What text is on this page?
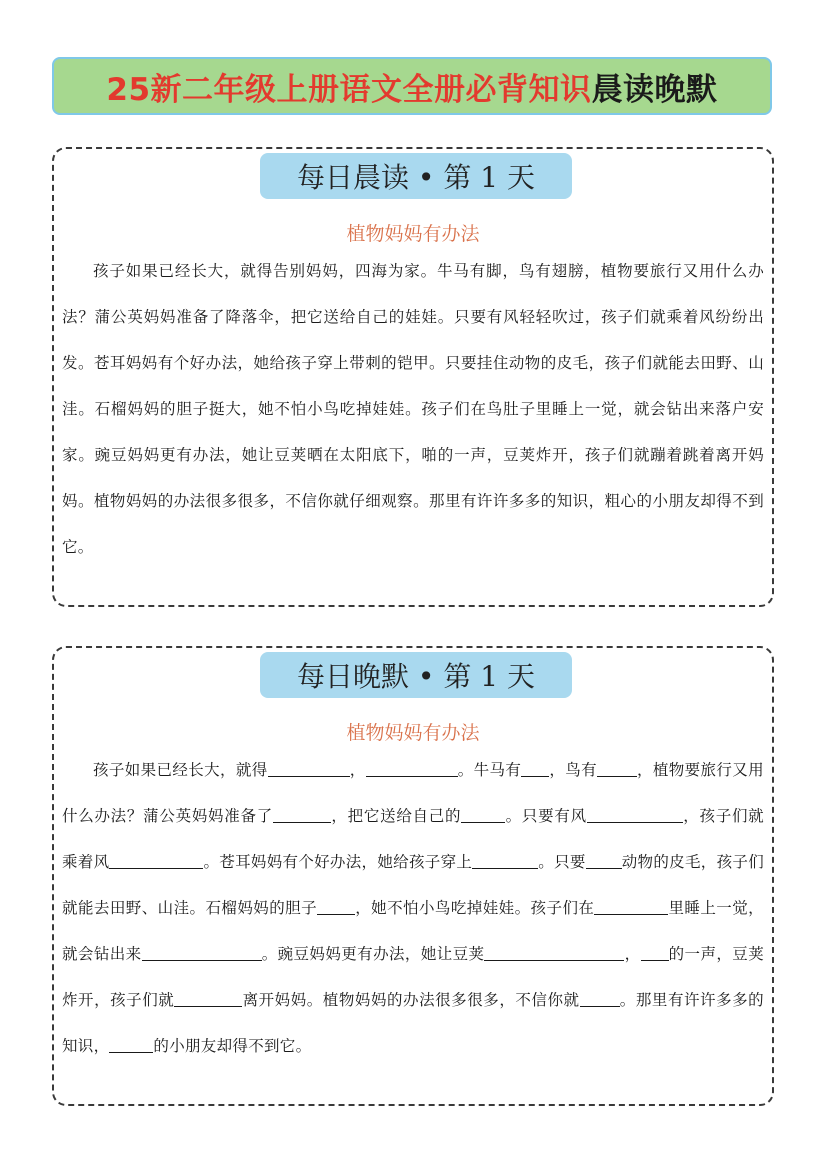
25新二年级上册语文全册必背知识 晨读晚默
每日晨读 • 第 1 天
植物妈妈有办法
孩子如果已经长大，就得告别妈妈，四海为家。牛马有脚，鸟有翅膀，植物要旅行又用什么办法？蒲公英妈妈准备了降落伞，把它送给自己的娃娃。只要有风轻轻吹过，孩子们就乘着风纷纷出发。苍耳妈妈有个好办法，她给孩子穿上带刺的铠甲。只要挂住动物的皮毛，孩子们就能去田野、山洼。石榴妈妈的胆子挺大，她不怕小鸟吃掉娃娃。孩子们在鸟肚子里睡上一觉，就会钻出来落户安家。豌豆妈妈更有办法，她让豆荚晒在太阳底下，啪的一声，豆荚炸开，孩子们就蹦着跳着离开妈妈。植物妈妈的办法很多很多，不信你就仔细观察。那里有许许多多的知识，粗心的小朋友却得不到它。
每日晚默 • 第 1 天
植物妈妈有办法
孩子如果已经长大，就得	，	。牛马有 ，鸟有	，植物要旅行又用什么办法？蒲公英妈妈准备了	，把它送给自己的	。只要有风	，孩子们就乘着风	。苍耳妈妈有个好办法，她给孩子穿上	。只要 动物的皮毛，孩子们就能去田野、山洼。石榴妈妈的胆子 ，她不怕小鸟吃掉娃娃。孩子们在	里睡上一觉，就会钻出来	。豌豆妈妈更有办法，她让豆荚	， 的一声，豆荚炸开，孩子们就	离开妈妈。植物妈妈的办法很多很多，不信你就	。那里有许许多多的知识，	的小朋友却得不到它。
